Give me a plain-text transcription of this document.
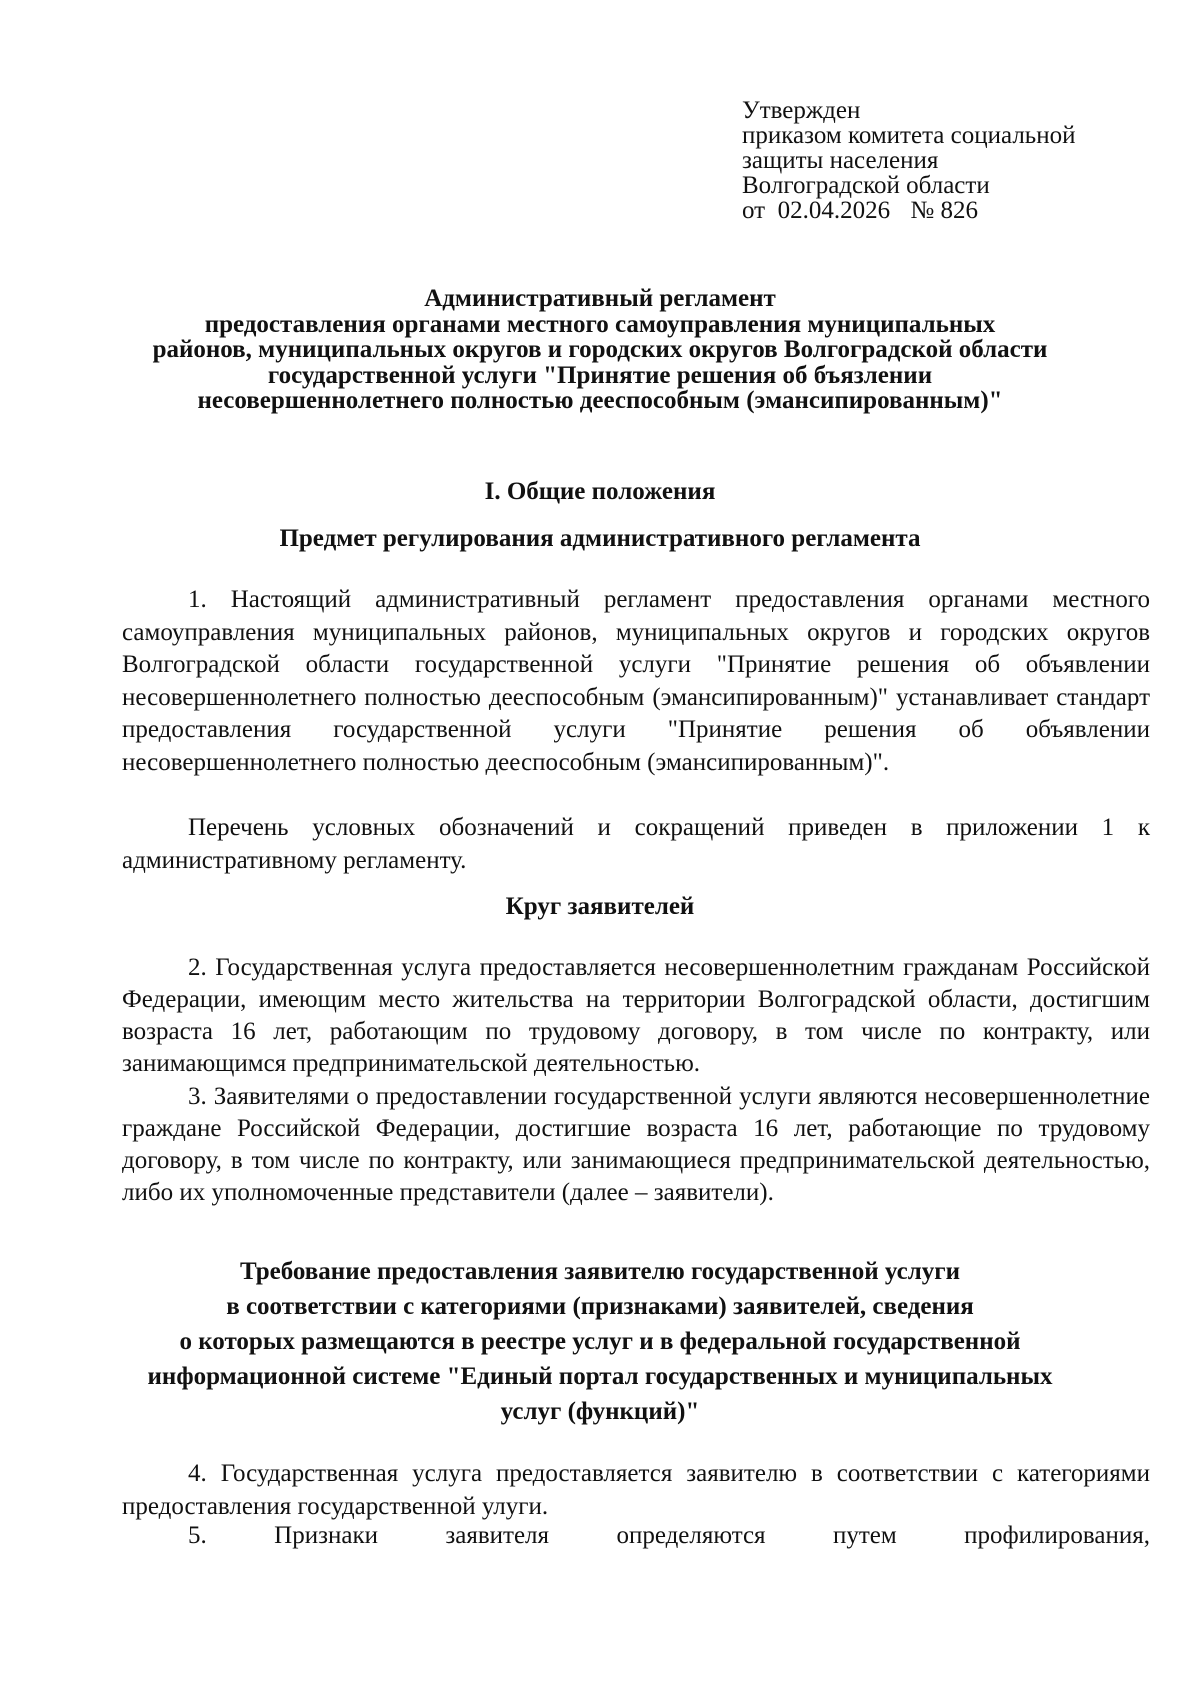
Утвержден
приказом комитета социальной
защиты населения
Волгоградской области
от 02.04.2026 № 826
Административный регламент
предоставления органами местного самоуправления муниципальных
районов, муниципальных округов и городских округов Волгоградской области
государственной услуги "Принятие решения об бъязлении
несовершеннолетнего полностью дееспособным (эмансипированным)"
I. Общие положения
Предмет регулирования административного регламента
1. Настоящий административный регламент предоставления органами местного самоуправления муниципальных районов, муниципальных округов и городских округов Волгоградской области государственной услуги "Принятие решения об объявлении несовершеннолетнего полностью дееспособным (эмансипированным)" устанавливает стандарт предоставления государственной услуги "Принятие решения об объявлении несовершеннолетнего полностью дееспособным (эмансипированным)".
Перечень условных обозначений и сокращений приведен в приложении 1 к административному регламенту.
Круг заявителей
2. Государственная услуга предоставляется несовершеннолетним гражданам Российской Федерации, имеющим место жительства на территории Волгоградской области, достигшим возраста 16 лет, работающим по трудовому договору, в том числе по контракту, или занимающимся предпринимательской деятельностью.
3. Заявителями о предоставлении государственной услуги являются несовершеннолетние граждане Российской Федерации, достигшие возраста 16 лет, работающие по трудовому договору, в том числе по контракту, или занимающиеся предпринимательской деятельностью, либо их уполномоченные представители (далее – заявители).
Требование предоставления заявителю государственной услуги
в соответствии с категориями (признаками) заявителей, сведения
о которых размещаются в реестре услуг и в федеральной государственной
информационной системе "Единый портал государственных и муниципальных
услуг (функций)"
4. Государственная услуга предоставляется заявителю в соответствии с категориями предоставления государственной улуги.
5. Признаки заявителя определяются путем профилирования,
